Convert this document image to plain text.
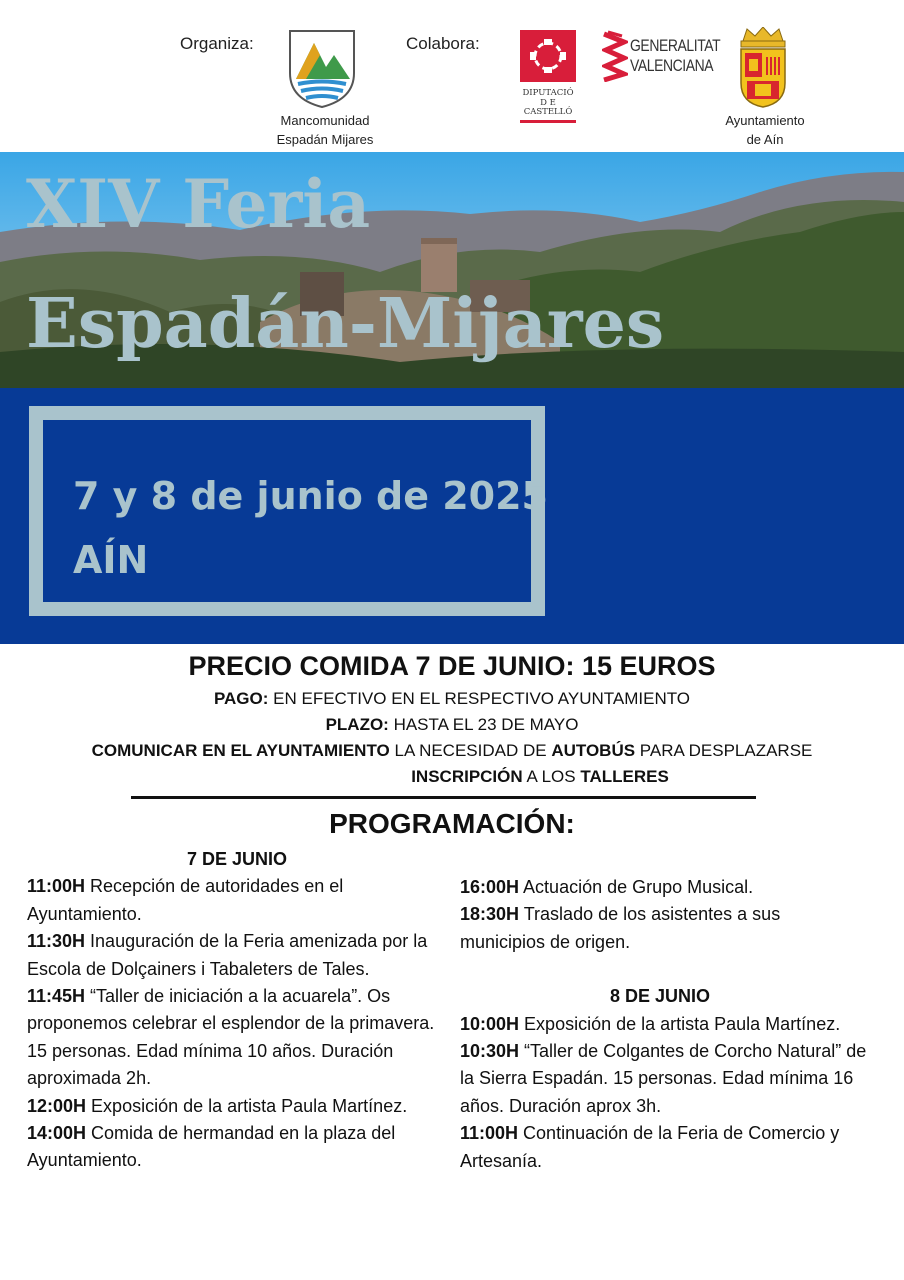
Organiza:
Mancomunidad
Espadán Mijares
Colabora:
DIPUTACIÓ
D E
CASTELLÓ
GENERALITAT
VALENCIANA
Ayuntamiento
de Aín
XIV Feria
Espadán-Mijares
7 y 8 de junio de 2025
AÍN
PRECIO COMIDA 7 DE JUNIO: 15 EUROS
PAGO: EN EFECTIVO EN EL RESPECTIVO AYUNTAMIENTO
PLAZO: HASTA EL 23 DE MAYO
COMUNICAR EN EL AYUNTAMIENTO LA NECESIDAD DE AUTOBÚS PARA DESPLAZARSE
INSCRIPCIÓN A LOS TALLERES
PROGRAMACIÓN:
7 DE JUNIO

11:00H Recepción de autoridades en el Ayuntamiento.

11:30H Inauguración de la Feria amenizada por la Escola de Dolçainers i Tabaleters de Tales.

11:45H “Taller de iniciación a la acuarela”. Os proponemos celebrar el esplendor de la primavera. 15 personas. Edad mínima 10 años. Duración aproximada 2h.

12:00H Exposición de la artista Paula Martínez.

14:00H Comida de hermandad en la plaza del Ayuntamiento.

16:00H Actuación de Grupo Musical.

18:30H Traslado de los asistentes a sus municipios de origen.

8 DE JUNIO

10:00H Exposición de la artista Paula Martínez.

10:30H “Taller de Colgantes de Corcho Natural” de la Sierra Espadán. 15 personas. Edad mínima 16 años. Duración aprox 3h.

11:00H Continuación de la Feria de Comercio y Artesanía.
